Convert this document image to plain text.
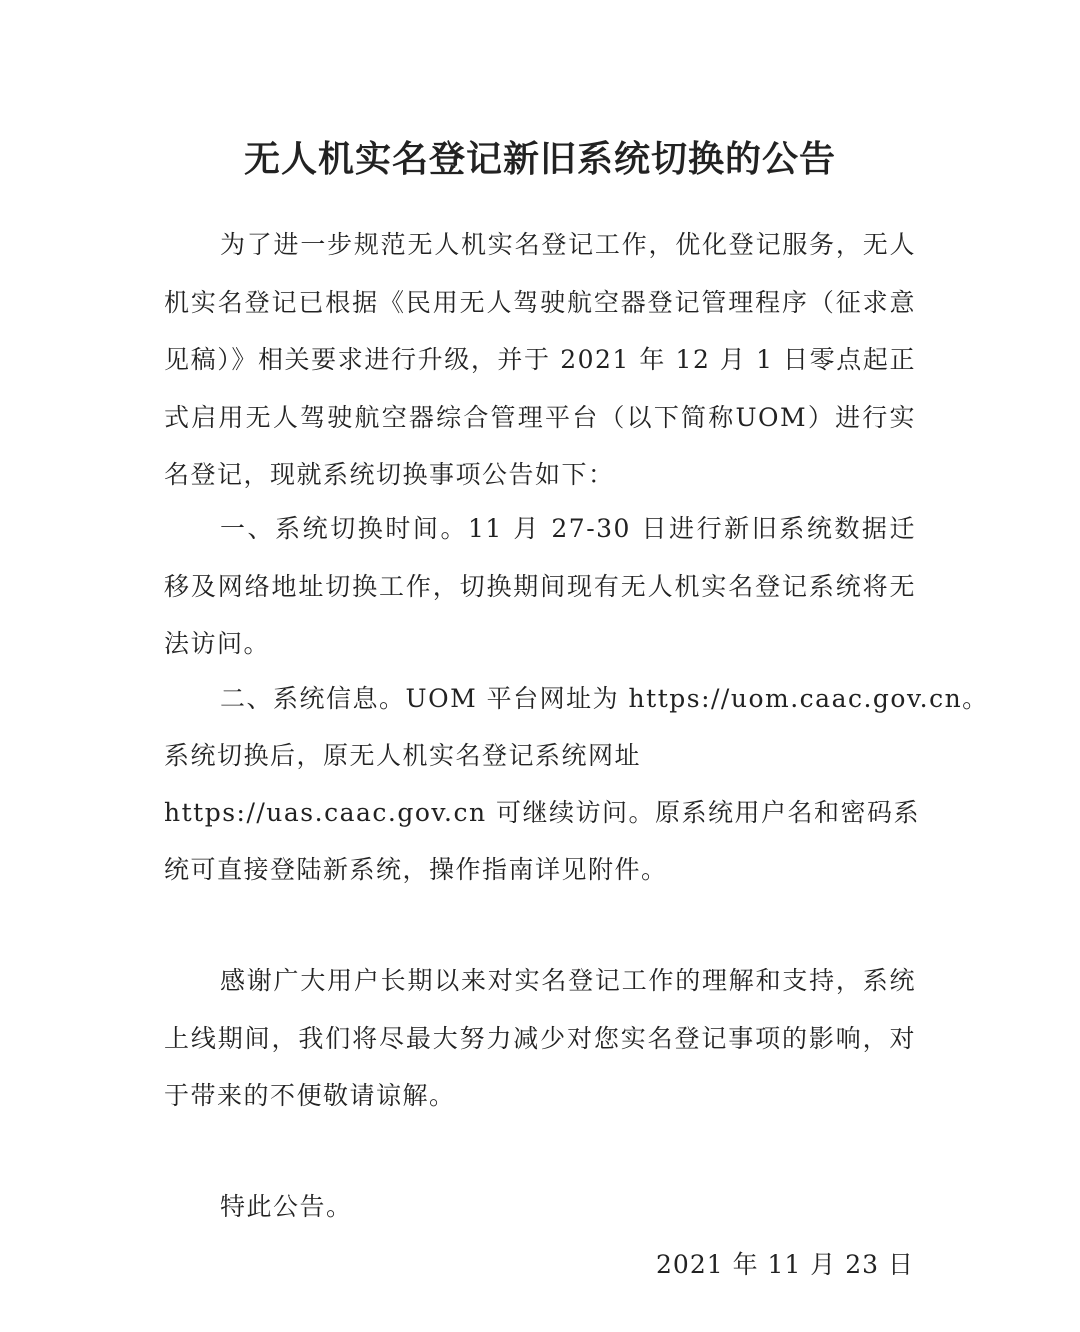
无人机实名登记新旧系统切换的公告
为了进一步规范无人机实名登记工作，优化登记服务，无人机实名登记已根据《民用无人驾驶航空器登记管理程序（征求意见稿）》相关要求进行升级，并于 2021 年 12 月 1 日零点起正式启用无人驾驶航空器综合管理平台（以下简称UOM）进行实名登记，现就系统切换事项公告如下：
一、系统切换时间。11 月 27-30 日进行新旧系统数据迁移及网络地址切换工作，切换期间现有无人机实名登记系统将无法访问。
二、系统信息。UOM 平台网址为 https://uom.caac.gov.cn。
系统切换后，原无人机实名登记系统网址
https://uas.caac.gov.cn 可继续访问。原系统用户名和密码系
统可直接登陆新系统，操作指南详见附件。
感谢广大用户长期以来对实名登记工作的理解和支持，系统上线期间，我们将尽最大努力减少对您实名登记事项的影响，对于带来的不便敬请谅解。
特此公告。
2021 年 11 月 23 日
